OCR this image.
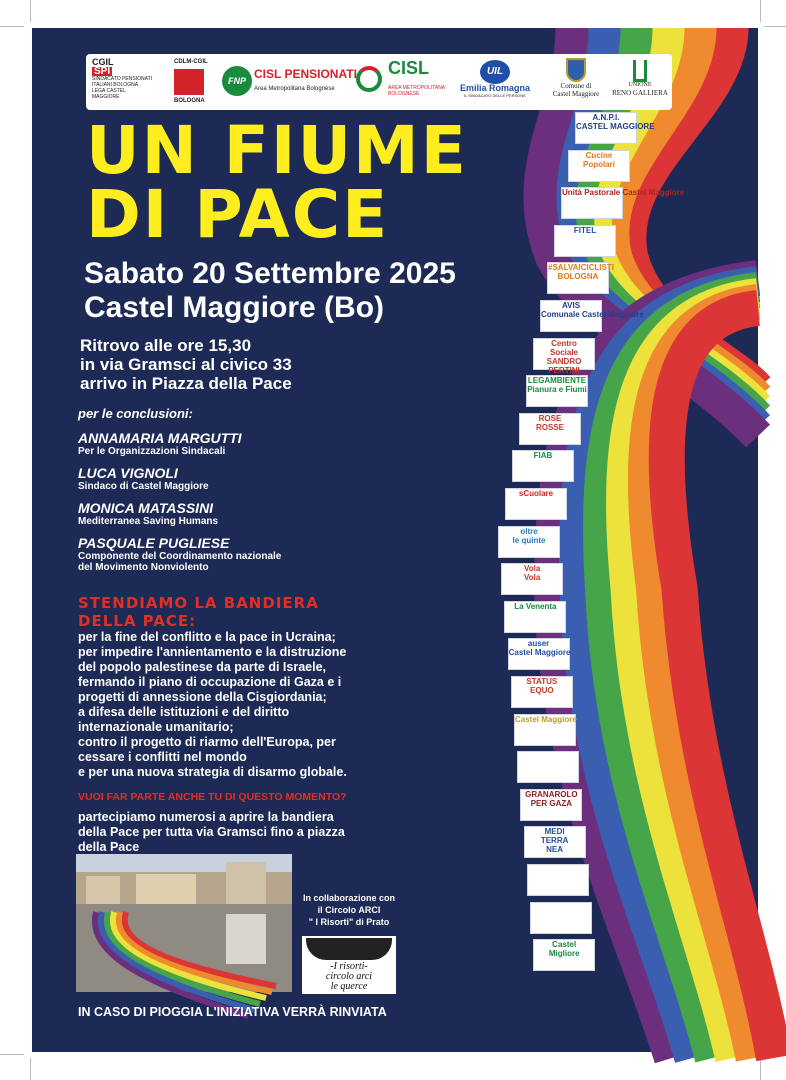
CGIL
SPI
SINDACATO PENSIONATI ITALIANI BOLOGNA
LEGA CASTEL MAGGIORE
CDLM-CGIL
BOLOGNA
FNP CISL PENSIONATI
Area Metropolitana Bolognese
CISL
AREA METROPOLITANA
BOLOGNESE
UIL
Emilia Romagna
IL SINDACATO DELLE PERSONE
Comune di
Castel Maggiore
UNIONE
RENO GALLIERA
UN FIUME
DI PACE
Sabato 20 Settembre 2025
Castel Maggiore (Bo)
Ritrovo alle ore 15,30
in via Gramsci al civico 33
arrivo in Piazza della Pace
per le conclusioni:
ANNAMARIA MARGUTTI
Per le Organizzazioni Sindacali
LUCA VIGNOLI
Sindaco di Castel Maggiore
MONICA MATASSINI
Mediterranea Saving Humans
PASQUALE PUGLIESE
Componente del Coordinamento nazionale
del Movimento Nonviolento
STENDIAMO LA BANDIERA
DELLA PACE:
per la fine del conflitto e la pace in Ucraina;
per impedire l'annientamento e la distruzione
del popolo palestinese da parte di Israele,
fermando il piano di occupazione di Gaza e i
progetti di annessione della Cisgiordania;
a difesa delle istituzioni e del diritto
internazionale umanitario;
contro il progetto di riarmo dell'Europa, per
cessare i conflitti nel mondo
e per una nuova strategia di disarmo globale.
VUOI FAR PARTE ANCHE TU DI QUESTO MOMENTO?
partecipiamo numerosi a aprire la bandiera
della Pace per tutta via Gramsci fino a piazza
della Pace
In collaborazione con
il Circolo ARCI
" I Risorti" di Prato
-I risorti-
circolo arci
le querce
IN CASO DI PIOGGIA L'INIZIATIVA VERRÀ RINVIATA
A.N.P.I.
CASTEL MAGGIORE
Cucine
Popolari
Unità Pastorale Castel Maggiore
FITEL
#SALVAICICLISTI
BOLOGNA
AVIS
Comunale Castel Maggiore
Centro
Sociale
SANDRO
PERTINI
LEGAMBIENTE
Pianura e Fiumi
ROSE
ROSSE
FIAB
sCuolare
oltre
le quinte
Vola
Vola
La Venenta
auser
Castel Maggiore
STATUS
EQUO
Castel Maggiore
GRANAROLO
PER GAZA
MEDI
TERRA
NEA
Castel
Migliore
